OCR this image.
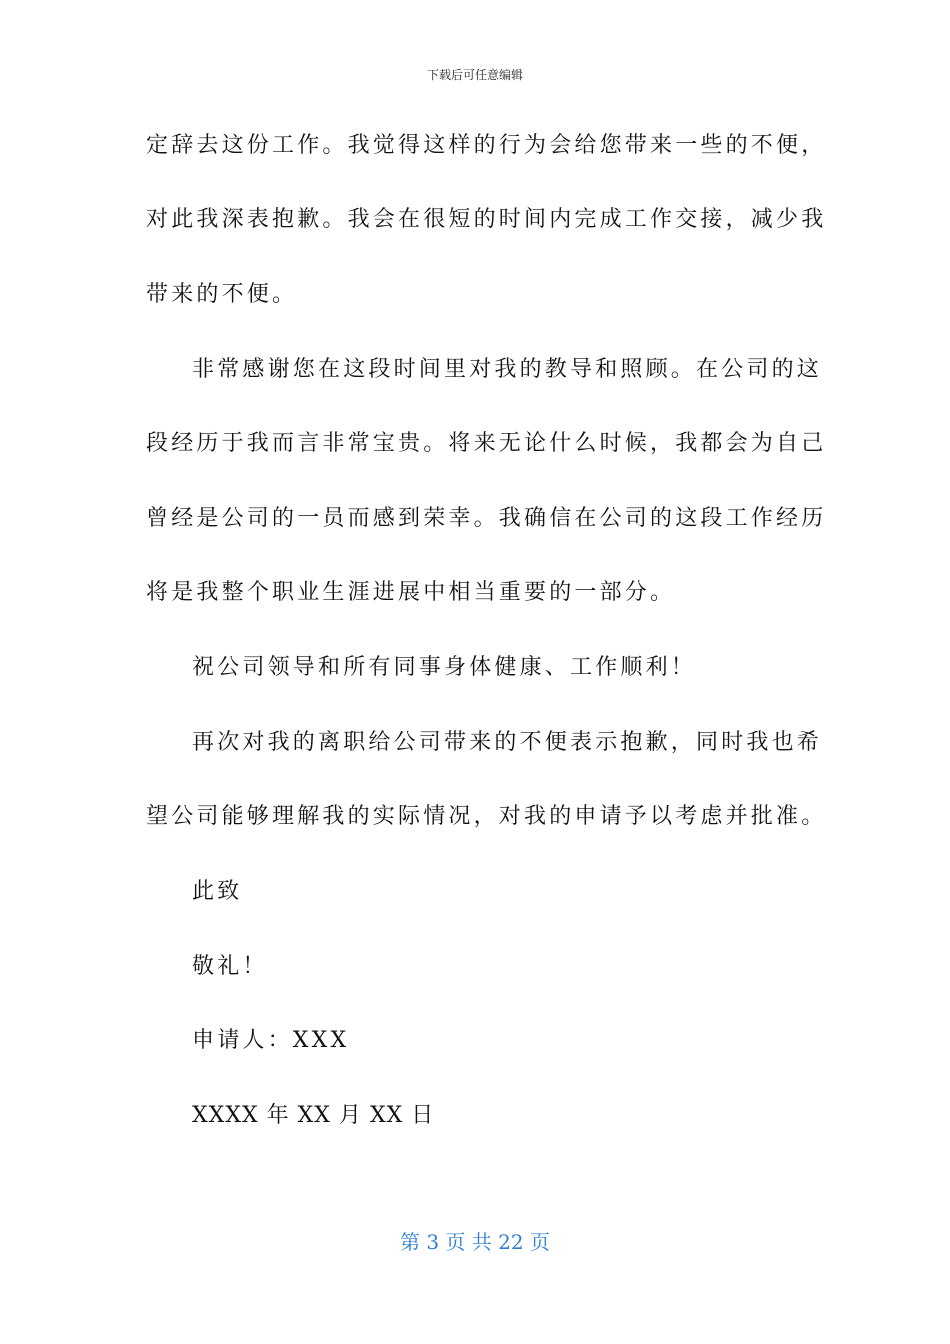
下载后可任意编辑
定辞去这份工作。我觉得这样的行为会给您带来一些的不便，
对此我深表抱歉。我会在很短的时间内完成工作交接，减少我
带来的不便。
非常感谢您在这段时间里对我的教导和照顾。在公司的这
段经历于我而言非常宝贵。将来无论什么时候，我都会为自己
曾经是公司的一员而感到荣幸。我确信在公司的这段工作经历
将是我整个职业生涯进展中相当重要的一部分。
祝公司领导和所有同事身体健康、工作顺利！
再次对我的离职给公司带来的不便表示抱歉，同时我也希
望公司能够理解我的实际情况，对我的申请予以考虑并批准。
此致
敬礼！
申请人：XXX
XXXX 年 XX 月 XX 日
第 3 页 共 22 页
